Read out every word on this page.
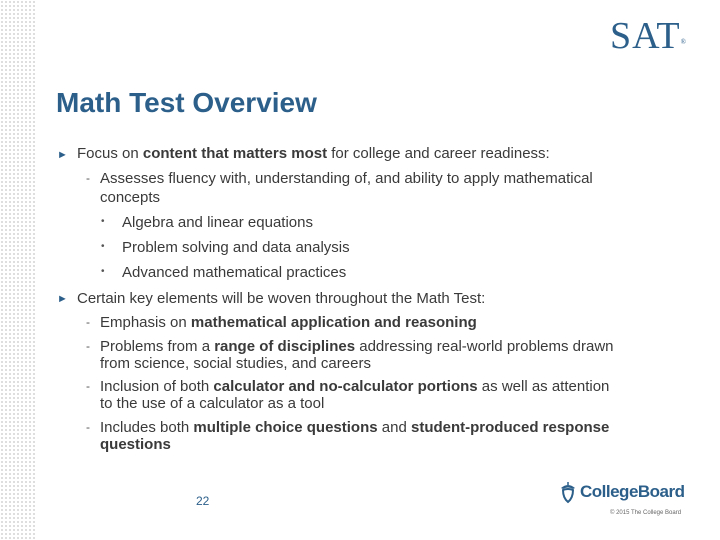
SAT®
Math Test Overview
► Focus on content that matters most for college and career readiness:
- Assesses fluency with, understanding of, and ability to apply mathematical
concepts
• Algebra and linear equations
• Problem solving and data analysis
• Advanced mathematical practices
► Certain key elements will be woven throughout the Math Test:
- Emphasis on mathematical application and reasoning
- Problems from a range of disciplines addressing real-world problems drawn
from science, social studies, and careers
- Inclusion of both calculator and no-calculator portions as well as attention
to the use of a calculator as a tool
- Includes both multiple choice questions and student-produced response
questions
22	CollegeBoard
© 2015 The College Board
